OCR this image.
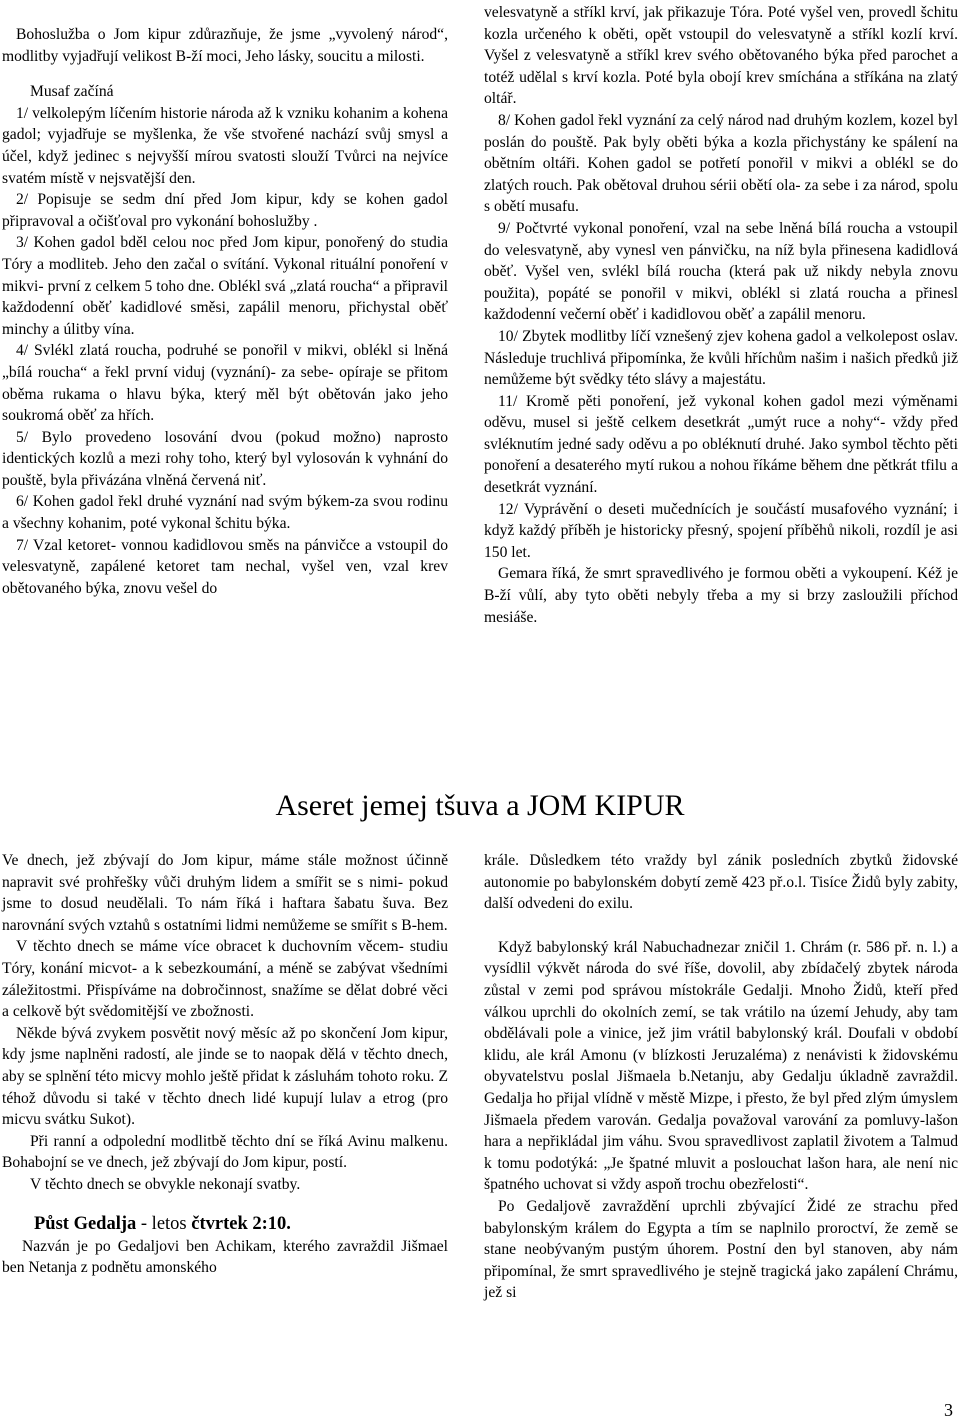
Bohoslužba o Jom kipur zdůrazňuje, že jsme „vyvolený národ“, modlitby vyjadřují velikost B-ží moci, Jeho lásky, soucitu a milosti.

Musaf začíná

1/ velkolepým líčením historie národa až k vzniku kohanim a kohena gadol; vyjadřuje se myšlenka, že vše stvořené nachází svůj smysl a účel, když jedinec s nejvyšší mírou svatosti slouží Tvůrci na nejvíce svatém místě v nejsvatější den.

2/ Popisuje se sedm dní před Jom kipur, kdy se kohen gadol připravoval a očišťoval pro vykonání bohoslužby .

3/ Kohen gadol bděl celou noc před Jom kipur, ponořený do studia Tóry a modliteb. Jeho den začal o svítání. Vykonal rituální ponoření v mikvi- první z celkem 5 toho dne. Oblékl svá „zlatá roucha“ a připravil každodenní oběť kadidlové směsi, zapálil menoru, přichystal oběť minchy a úlitby vína.

4/ Svlékl zlatá roucha, podruhé se ponořil v mikvi, oblékl si lněná „bílá roucha“ a řekl první viduj (vyznání)- za sebe- opíraje se přitom oběma rukama o hlavu býka, který měl být obětován jako jeho soukromá oběť za hřích.

5/ Bylo provedeno losování dvou (pokud možno) naprosto identických kozlů a mezi rohy toho, který byl vylosován k vyhnání do pouště, byla přivázána vlněná červená niť.

6/ Kohen gadol řekl druhé vyznání nad svým býkem-za svou rodinu a všechny kohanim, poté vykonal šchitu býka.

7/ Vzal ketoret- vonnou kadidlovou směs na pánvičce a vstoupil do velesvatyně, zapálené ketoret tam nechal, vyšel ven, vzal krev obětovaného býka, znovu vešel do

velesvatyně a stříkl krví, jak přikazuje Tóra. Poté vyšel ven, provedl šchitu kozla určeného k oběti, opět vstoupil do velesvatyně a stříkl kozlí krví. Vyšel z velesvatyně a stříkl krev svého obětovaného býka před parochet a totéž udělal s krví kozla. Poté byla obojí krev smíchána a stříkána na zlatý oltář.

8/ Kohen gadol řekl vyznání za celý národ nad druhým kozlem, kozel byl poslán do pouště. Pak byly oběti býka a kozla přichystány ke spálení na obětním oltáři. Kohen gadol se potřetí ponořil v mikvi a oblékl se do zlatých rouch. Pak obětoval druhou sérii obětí ola- za sebe i za národ, spolu s obětí musafu.

9/ Počtvrté vykonal ponoření, vzal na sebe lněná bílá roucha a vstoupil do velesvatyně, aby vynesl ven pánvičku, na níž byla přinesena kadidlová oběť. Vyšel ven, svlékl bílá roucha (která pak už nikdy nebyla znovu použita), popáté se ponořil v mikvi, oblékl si zlatá roucha a přinesl každodenní večerní oběť i kadidlovou oběť a zapálil menoru.

10/ Zbytek modlitby líčí vznešený zjev kohena gadol a velkolepost oslav. Následuje truchlivá připomínka, že kvůli hříchům našim i našich předků již nemůžeme být svědky této slávy a majestátu.

11/ Kromě pěti ponoření, jež vykonal kohen gadol mezi výměnami oděvu, musel si ještě celkem desetkrát „umýt ruce a nohy“- vždy před svléknutím jedné sady oděvu a po obléknutí druhé. Jako symbol těchto pěti ponoření a desaterého mytí rukou a nohou říkáme během dne pětkrát tfilu a desetkrát vyznání.

12/ Vyprávění o deseti mučednících je součástí musafového vyznání; i když každý příběh je historicky přesný, spojení příběhů nikoli, rozdíl je asi 150 let.

Gemara říká, že smrt spravedlivého je formou oběti a vykoupení. Kéž je B-ží vůlí, aby tyto oběti nebyly třeba a my si brzy zasloužili příchod mesiáše.

Aseret jemej tšuva a JOM KIPUR

Ve dnech, jež zbývají do Jom kipur, máme stále možnost účinně napravit své prohřešky vůči druhým lidem a smířit se s nimi- pokud jsme to dosud neudělali. To nám říká i haftara šabatu šuva. Bez narovnání svých vztahů s ostatními lidmi nemůžeme se smířit s B-hem.

V těchto dnech se máme více obracet k duchovním věcem- studiu Tóry, konání micvot- a k sebezkoumání, a méně se zabývat všedními záležitostmi. Přispíváme na dobročinnost, snažíme se dělat dobré věci a celkově být svědomitější ve zbožnosti.

Někde bývá zvykem posvětit nový měsíc až po skončení Jom kipur, kdy jsme naplněni radostí, ale jinde se to naopak dělá v těchto dnech, aby se splnění této micvy mohlo ještě přidat k zásluhám tohoto roku. Z téhož důvodu si také v těchto dnech lidé kupují lulav a etrog (pro micvu svátku Sukot).

Při ranní a odpolední modlitbě těchto dní se říká Avinu malkenu. Bohabojní se ve dnech, jež zbývají do Jom kipur, postí.

V těchto dnech se obvykle nekonají svatby.

Půst Gedalja - letos čtvrtek 2:10.

Nazván je po Gedaljovi ben Achikam, kterého zavraždil Jišmael ben Netanja z podnětu amonského

krále. Důsledkem této vraždy byl zánik posledních zbytků židovské autonomie po babylonském dobytí země 423 př.o.l. Tisíce Židů byly zabity, další odvedeni do exilu.

Když babylonský král Nabuchadnezar zničil 1. Chrám (r. 586 př. n. l.) a vysídlil výkvět národa do své říše, dovolil, aby zbídačelý zbytek národa zůstal v zemi pod správou místokrále Gedalji. Mnoho Židů, kteří před válkou uprchli do okolních zemí, se tak vrátilo na území Jehudy, aby tam obdělávali pole a vinice, jež jim vrátil babylonský král. Doufali v období klidu, ale král Amonu (v blízkosti Jeruzaléma) z nenávisti k židovskému obyvatelstvu poslal Jišmaela b.Netanju, aby Gedalju úkladně zavraždil. Gedalja ho přijal vlídně v městě Mizpe, i přesto, že byl před zlým úmyslem Jišmaela předem varován. Gedalja považoval varování za pomluvy-lašon hara a nepřikládal jim váhu. Svou spravedlivost zaplatil životem a Talmud k tomu podotýká: „Je špatné mluvit a poslouchat lašon hara, ale není nic špatného uchovat si vždy aspoň trochu obezřelosti“.

Po Gedaljově zavraždění uprchli zbývající Židé ze strachu před babylonským králem do Egypta a tím se naplnilo proroctví, že země se stane neobývaným pustým úhorem. Postní den byl stanoven, aby nám připomínal, že smrt spravedlivého je stejně tragická jako zapálení Chrámu, jež si

3
